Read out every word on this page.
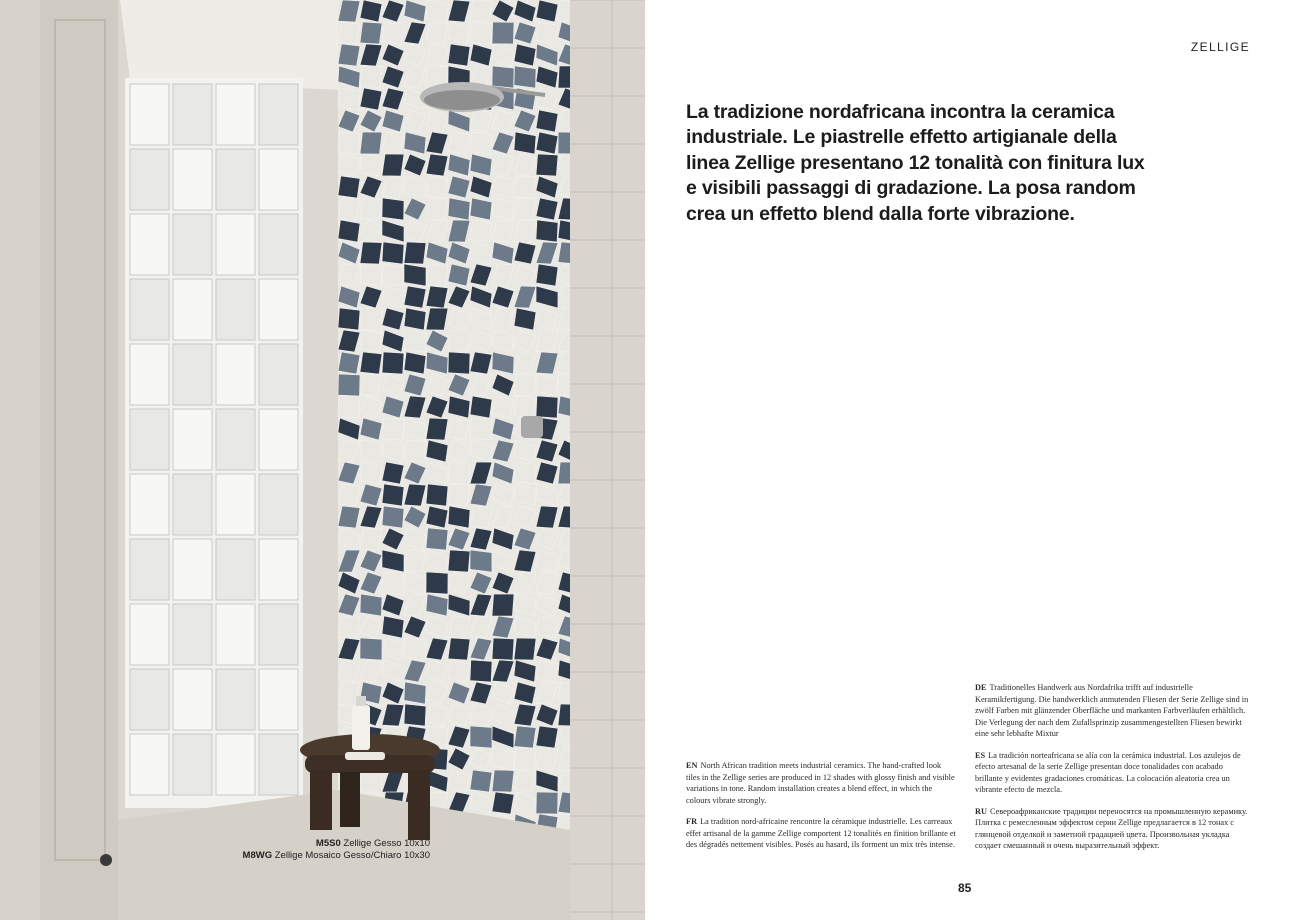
M5S0 Zellige Gesso 10x10
M8WG Zellige Mosaico Gesso/Chiaro 10x30
ZELLIGE
La tradizione nordafricana incontra la ceramica
industriale. Le piastrelle effetto artigianale della
linea Zellige presentano 12 tonalità con finitura lux
e visibili passaggi di gradazione. La posa random
crea un effetto blend dalla forte vibrazione.

EN North African tradition meets industrial ceramics. The hand-crafted look tiles in the Zellige series are produced in 12 shades with glossy finish and visible variations in tone. Random installation creates a blend effect, in which the colours vibrate strongly.

FR La tradition nord-africaine rencontre la céramique industrielle. Les carreaux effet artisanal de la gamme Zellige comportent 12 tonalités en finition brillante et des dégradés nettement visibles. Posés au hasard, ils forment un mix très intense.

DE Traditionelles Handwerk aus Nordafrika trifft auf industrielle Keramikfertigung. Die handwerklich anmutenden Fliesen der Serie Zellige sind in zwölf Farben mit glänzender Oberfläche und markanten Farbverläufen erhältlich. Die Verlegung der nach dem Zufallsprinzip zusammengestellten Fliesen bewirkt eine sehr lebhafte Mixtur

ES La tradición norteafricana se alía con la cerámica industrial. Los azulejos de efecto artesanal de la serie Zellige presentan doce tonalidades con acabado brillante y evidentes gradaciones cromáticas. La colocación aleatoria crea un vibrante efecto de mezcla.

RU Североафриканские традиции переносятся на промышленную керамику. Плитка с ремесленным эффектом серии Zellige предлагается в 12 тонах с глянцевой отделкой и заметной градацией цвета. Произвольная укладка создает смешанный и очень выразительный эффект.

85
